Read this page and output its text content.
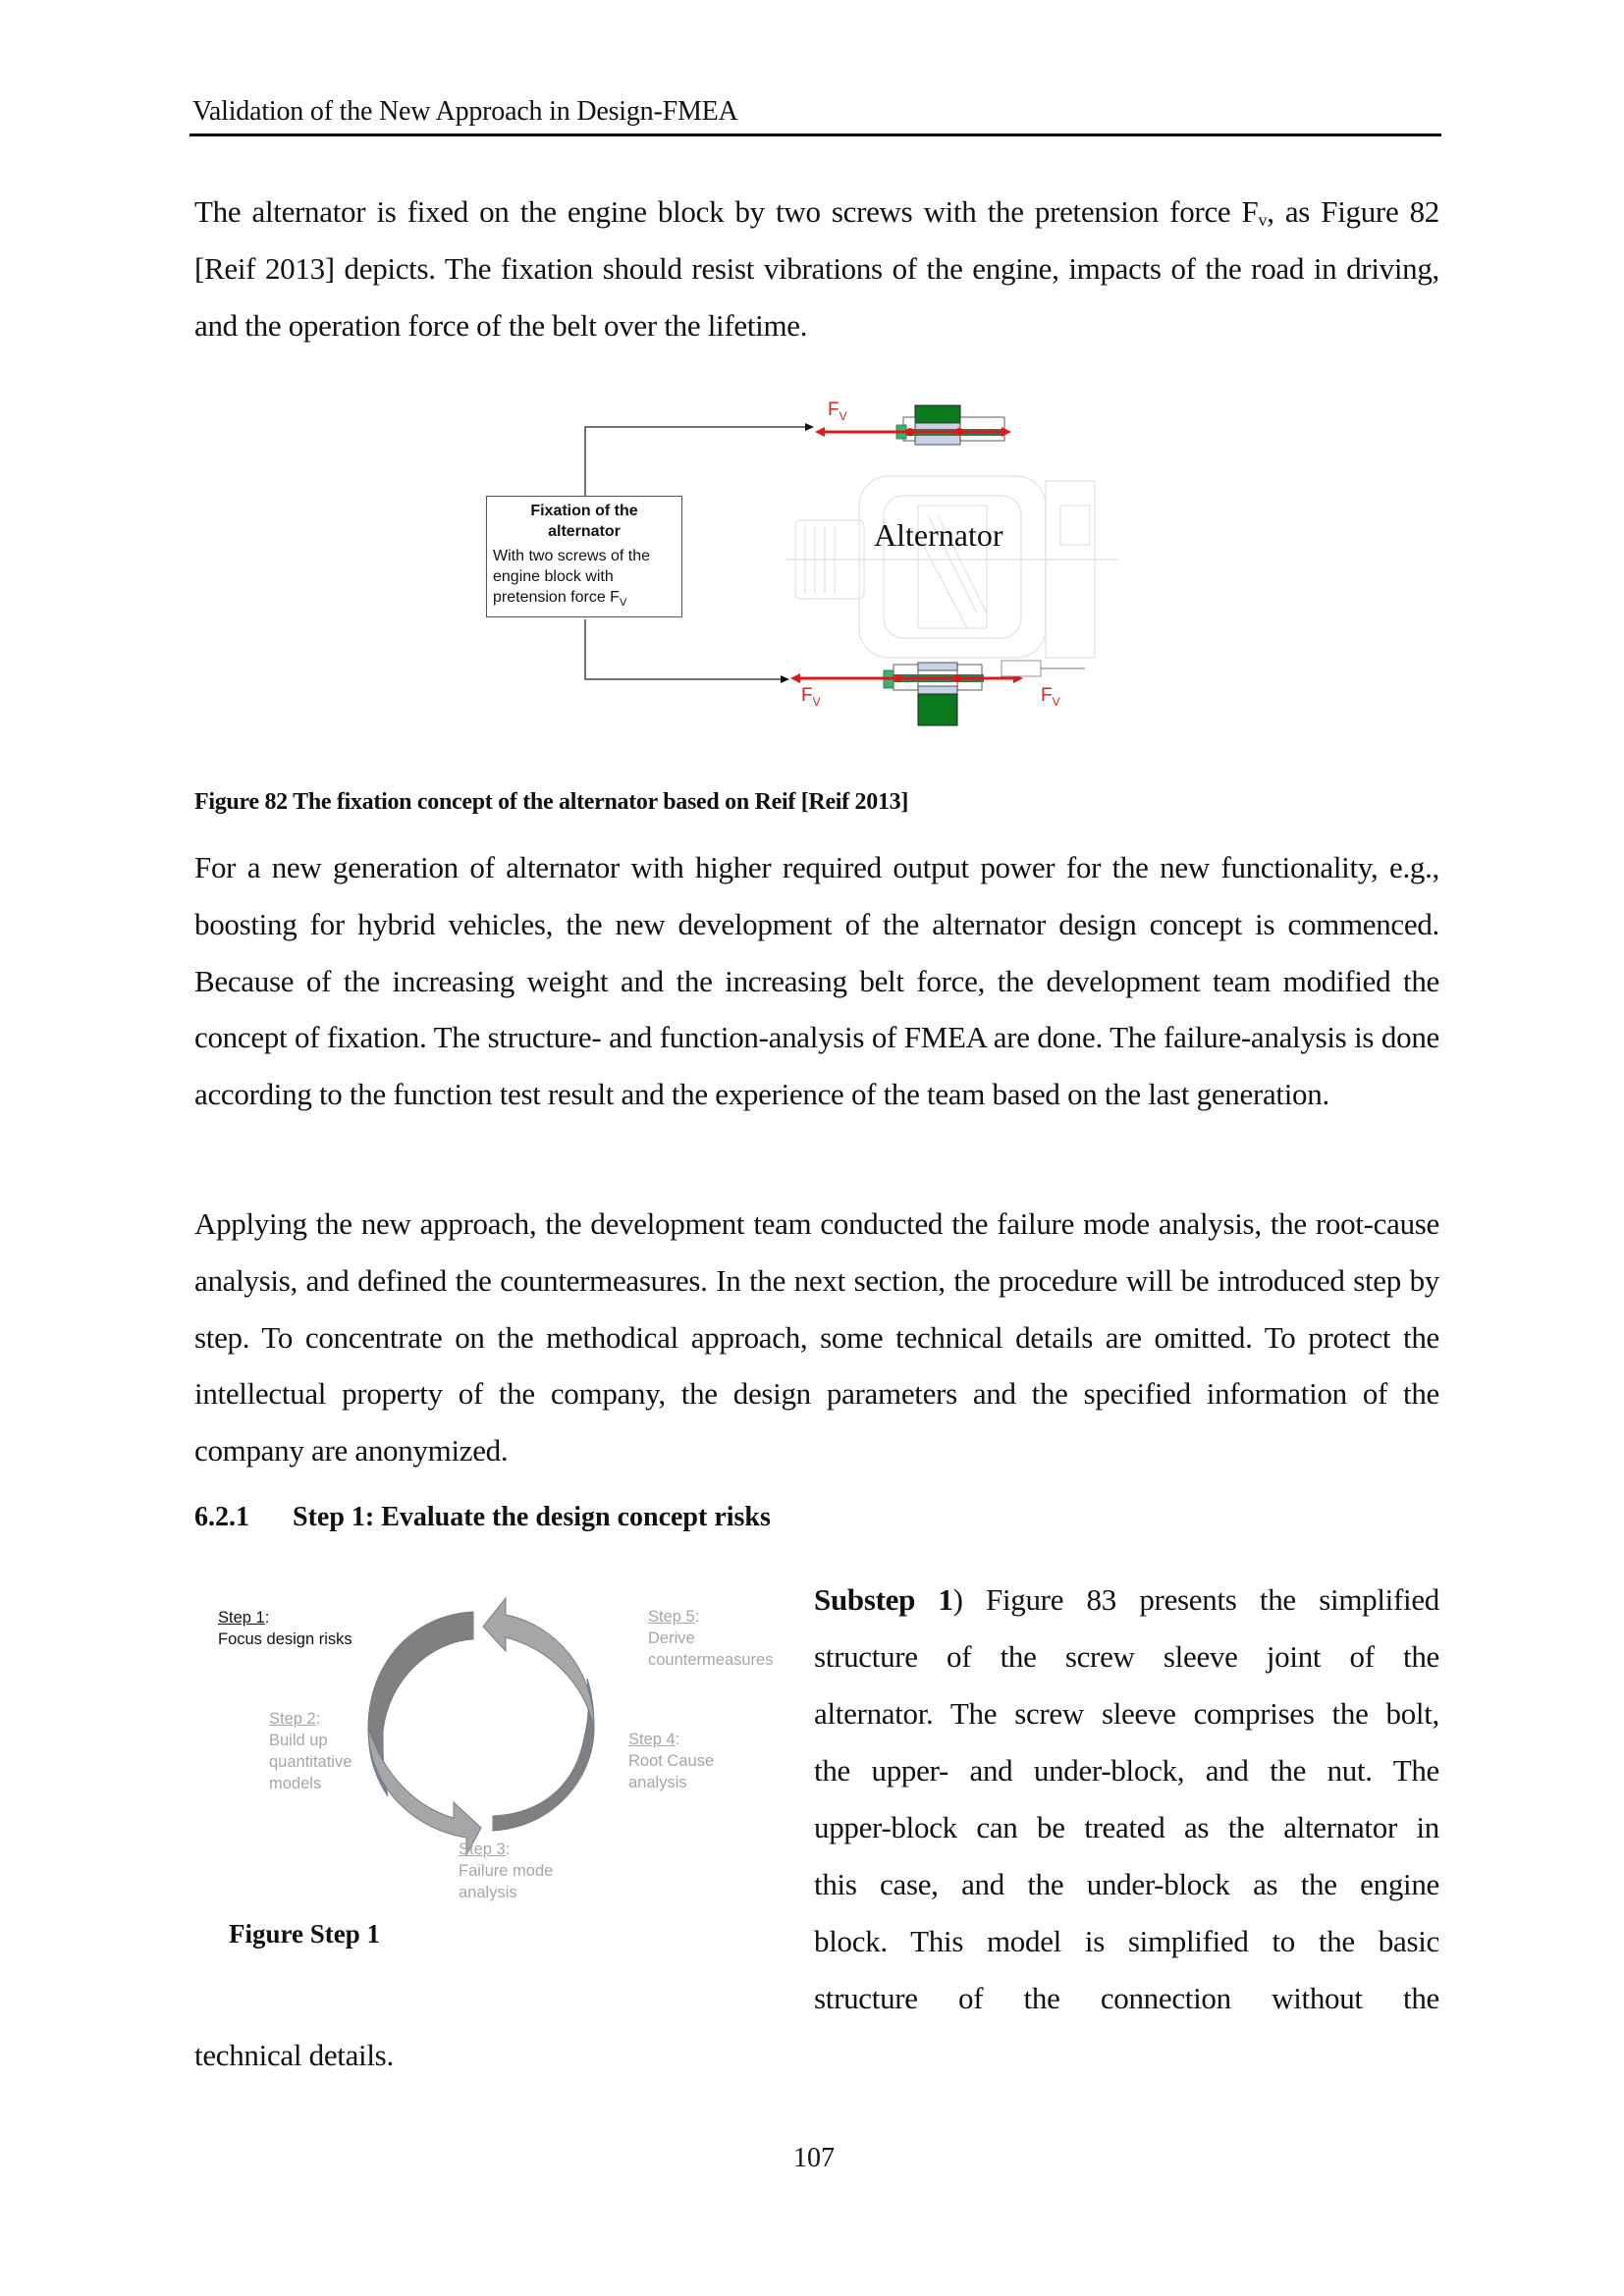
Validation of the New Approach in Design-FMEA

The alternator is fixed on the engine block by two screws with the pretension force $F_v$, as Figure 82 [Reif 2013] depicts. The fixation should resist vibrations of the engine, impacts of the road in driving, and the operation force of the belt over the lifetime.

$F_V$
$F_V$	$F_V$
Fixation of the alternator
With two screws of the engine block with pretension force $F_V$
Alternator
Figure 82 The fixation concept of the alternator based on Reif [Reif 2013]

For a new generation of alternator with higher required output power for the new functionality, e.g., boosting for hybrid vehicles, the new development of the alternator design concept is commenced. Because of the increasing weight and the increasing belt force, the development team modified the concept of fixation. The structure- and function-analysis of FMEA are done. The failure-analysis is done according to the function test result and the experience of the team based on the last generation.

Applying the new approach, the development team conducted the failure mode analysis, the root-cause analysis, and defined the countermeasures. In the next section, the procedure will be introduced step by step. To concentrate on the methodical approach, some technical details are omitted. To protect the intellectual property of the company, the design parameters and the specified information of the company are anonymized.

6.2.1 Step 1: Evaluate the design concept risks
Step 1:
Focus design risks
Step 2:
Build up quantitative models
Step 3:
Failure mode analysis
Step 4:
Root Cause analysis
Step 5:
Derive countermeasures
Figure Step 1

Substep 1) Figure 83 presents the simplified

structure of the screw sleeve joint of the

alternator. The screw sleeve comprises the bolt,

the upper- and under-block, and the nut. The

upper-block can be treated as the alternator in

this case, and the under-block as the engine

block. This model is simplified to the basic

structure of the connection without the

technical details.

107
